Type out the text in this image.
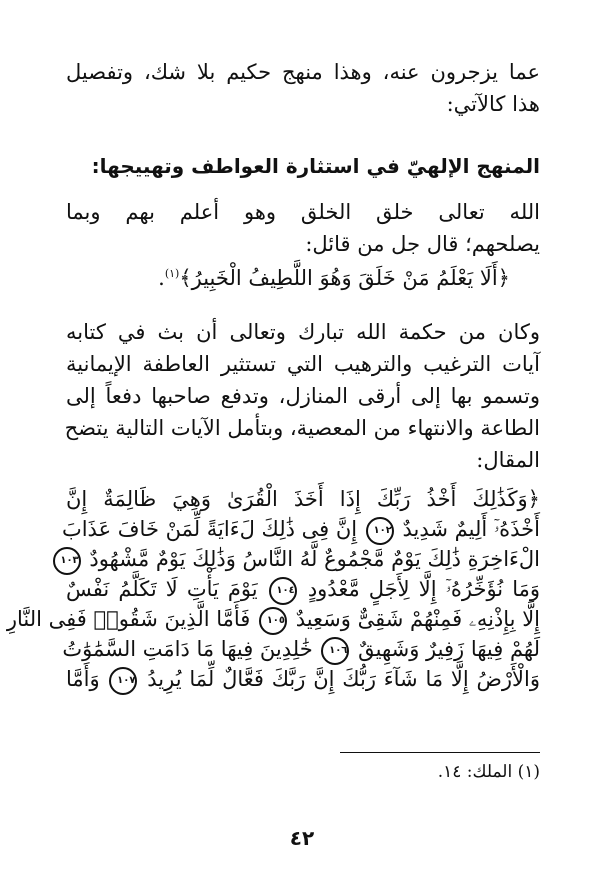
عما يزجرون عنه، وهذا منهج حكيم بلا شك، وتفصيل
هذا كالآتي:
المنهج الإلهيّ في استثارة العواطف وتهييجها:
الله تعالى خلق الخلق وهو أعلم بهم وبما
يصلحهم؛ قال جل من قائل:
﴿أَلَا يَعْلَمُ مَنْ خَلَقَ وَهُوَ اللَّطِيفُ الْخَبِيرُ﴾$^{(١)}$.
وكان من حكمة الله تبارك وتعالى أن بث في كتابه
آيات الترغيب والترهيب التي تستثير العاطفة الإيمانية
وتسمو بها إلى أرقى المنازل، وتدفع صاحبها دفعاً إلى
الطاعة والانتهاء من المعصية، وبتأمل الآيات التالية يتضح
المقال:
﴿وَكَذَٰلِكَ أَخْذُ رَبِّكَ إِذَا أَخَذَ الْقُرَىٰ وَهِيَ ظَالِمَةٌ إِنَّ
أَخْذَهُۥٓ أَلِيمٌ شَدِيدٌ ١٠٢ إِنَّ فِى ذَٰلِكَ لَءَايَةً لِّمَنْ خَافَ عَذَابَ
الْءَاخِرَةِ ذَٰلِكَ يَوْمٌ مَّجْمُوعٌ لَّهُ النَّاسُ وَذَٰلِكَ يَوْمٌ مَّشْهُودٌ ١٠٣
وَمَا نُؤَخِّرُهُۥٓ إِلَّا لِأَجَلٍ مَّعْدُودٍ ١٠٤ يَوْمَ يَأْتِ لَا تَكَلَّمُ نَفْسٌ
إِلَّا بِإِذْنِهِۦ فَمِنْهُمْ شَقِىٌّ وَسَعِيدٌ ١٠٥ فَأَمَّا الَّذِينَ شَقُوا۟ فَفِى النَّارِ
لَهُمْ فِيهَا زَفِيرٌ وَشَهِيقٌ ١٠٦ خَٰلِدِينَ فِيهَا مَا دَامَتِ السَّمَٰوَٰتُ
وَالْأَرْضُ إِلَّا مَا شَآءَ رَبُّكَ إِنَّ رَبَّكَ فَعَّالٌ لِّمَا يُرِيدُ ١٠٧ وَأَمَّا
(١) الملك: ١٤.
٤٢
